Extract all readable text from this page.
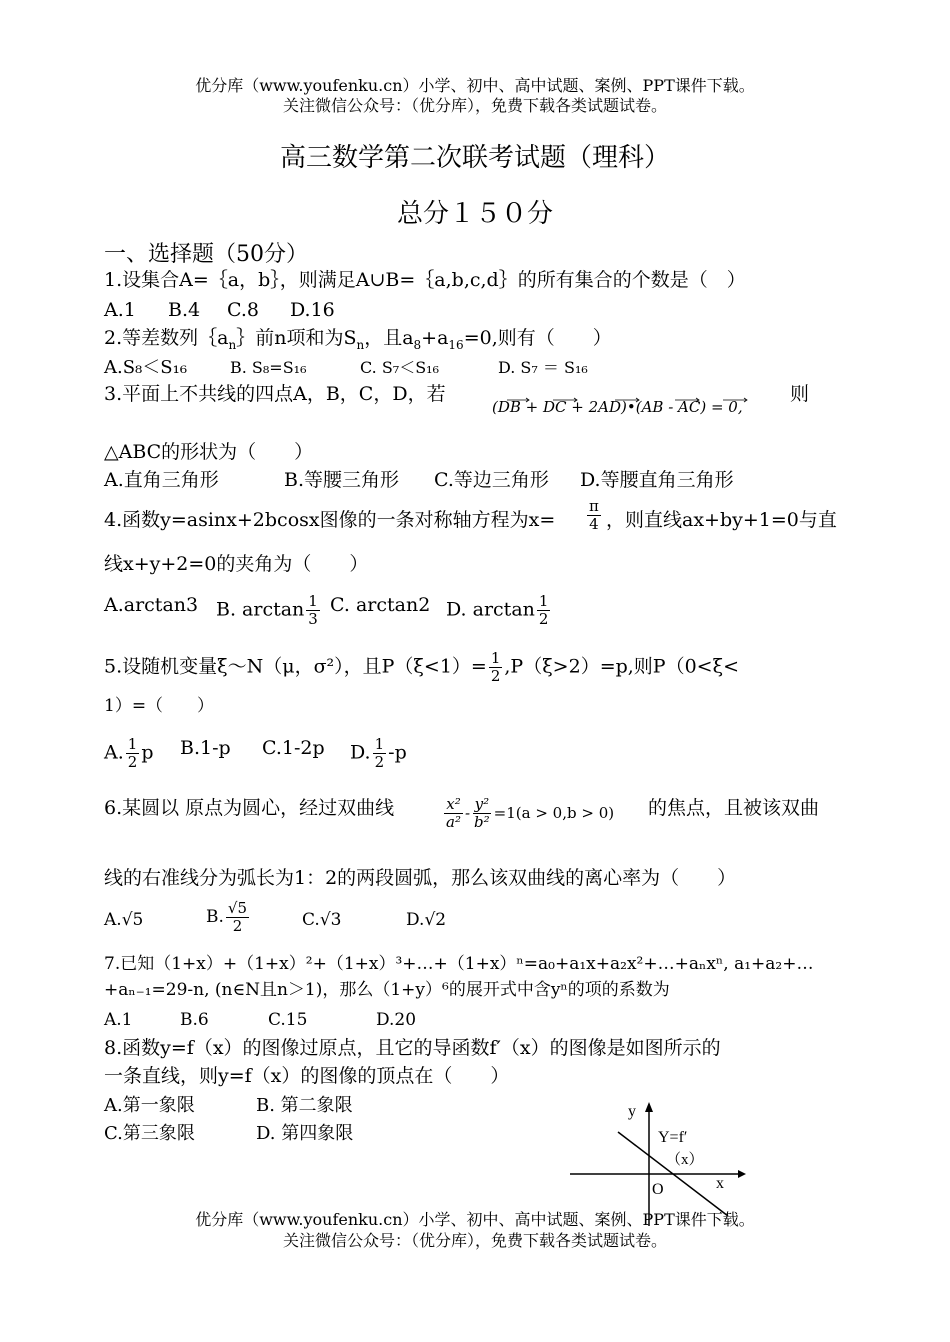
优分库（www.youfenku.cn）小学、初中、高中试题、案例、PPT课件下载。
关注微信公众号：（优分库），免费下载各类试题试卷。
高三数学第二次联考试题（理科）
总分１５０分
一、选择题（50分）
1.设集合A=｛a，b｝，则满足A∪B=｛a,b,c,d｝的所有集合的个数是（　）
A.1 B.4 C.8 D.16
2.等差数列$\{a_n\}$前n项和为$S_n$，且$a_8+a_{16}=0$,则有（　　）
A.S₈＜S₁₆	B. S₈=S₁₆	C. S₇＜S₁₆	D. S₇ ＝ S₁₆
3.平面上不共线的四点A，B，C，D，若
(DB + DC + 2AD)•(AB - AC) = 0,
则
△ABC的形状为（　　）
A.直角三角形	B.等腰三角形 C.等边三角形 D.等腰直角三角形
4.函数y=asinx+2bcosx图像的一条对称轴方程为$x= \frac{\pi}{4}$ ，则直线ax+by+1=0与直
线x+y+2=0的夹角为（　　）
A.arctan3 B. $\arctan \frac{1}{3} C$. arctan2 D. $\arctan \frac{1}{2}$
5.设随机变量ξ～N（μ，σ²），且$P(\xi<1)= \frac{1}{2} ,P(\xi>2)=p$,则P（0<ξ<
1）=（　　）
A. $\frac{1}{2}$ p B.1-p C.1-2p D. $\frac{1}{2} -p$
6.某圆以 原点为圆心，经过双曲线	$\frac{\text{x²}}{\text{a²}} - \frac{\text{y²}}{\text{b²}} =1(a > 0,b > 0)$ 的焦点，且被该双曲
线的右准线分为弧长为1：2的两段圆弧，那么该双曲线的离心率为（　　）
A.√5	B. $\frac{√5}{2}$	C.√3	D.√2
7.已知（1+x）+（1+x）²+（1+x）³+…+（1+x）ⁿ=a₀+a₁x+a₂x²+…+aₙxⁿ, a₁+a₂+…
+aₙ₋₁=29-n, (n∈N且n＞1)，那么（1+y）⁶的展开式中含yⁿ的项的系数为
A.1	B.6	C.15	D.20
8.函数y=f（x）的图像过原点，且它的导函数f′（x）的图像是如图所示的
一条直线，则y=f（x）的图像的顶点在（　　）
A.第一象限	B. 第二象限
C.第三象限	D. 第四象限
y
x
O
Y=f′
（x）
优分库（www.youfenku.cn）小学、初中、高中试题、案例、PPT课件下载。
关注微信公众号：（优分库），免费下载各类试题试卷。
